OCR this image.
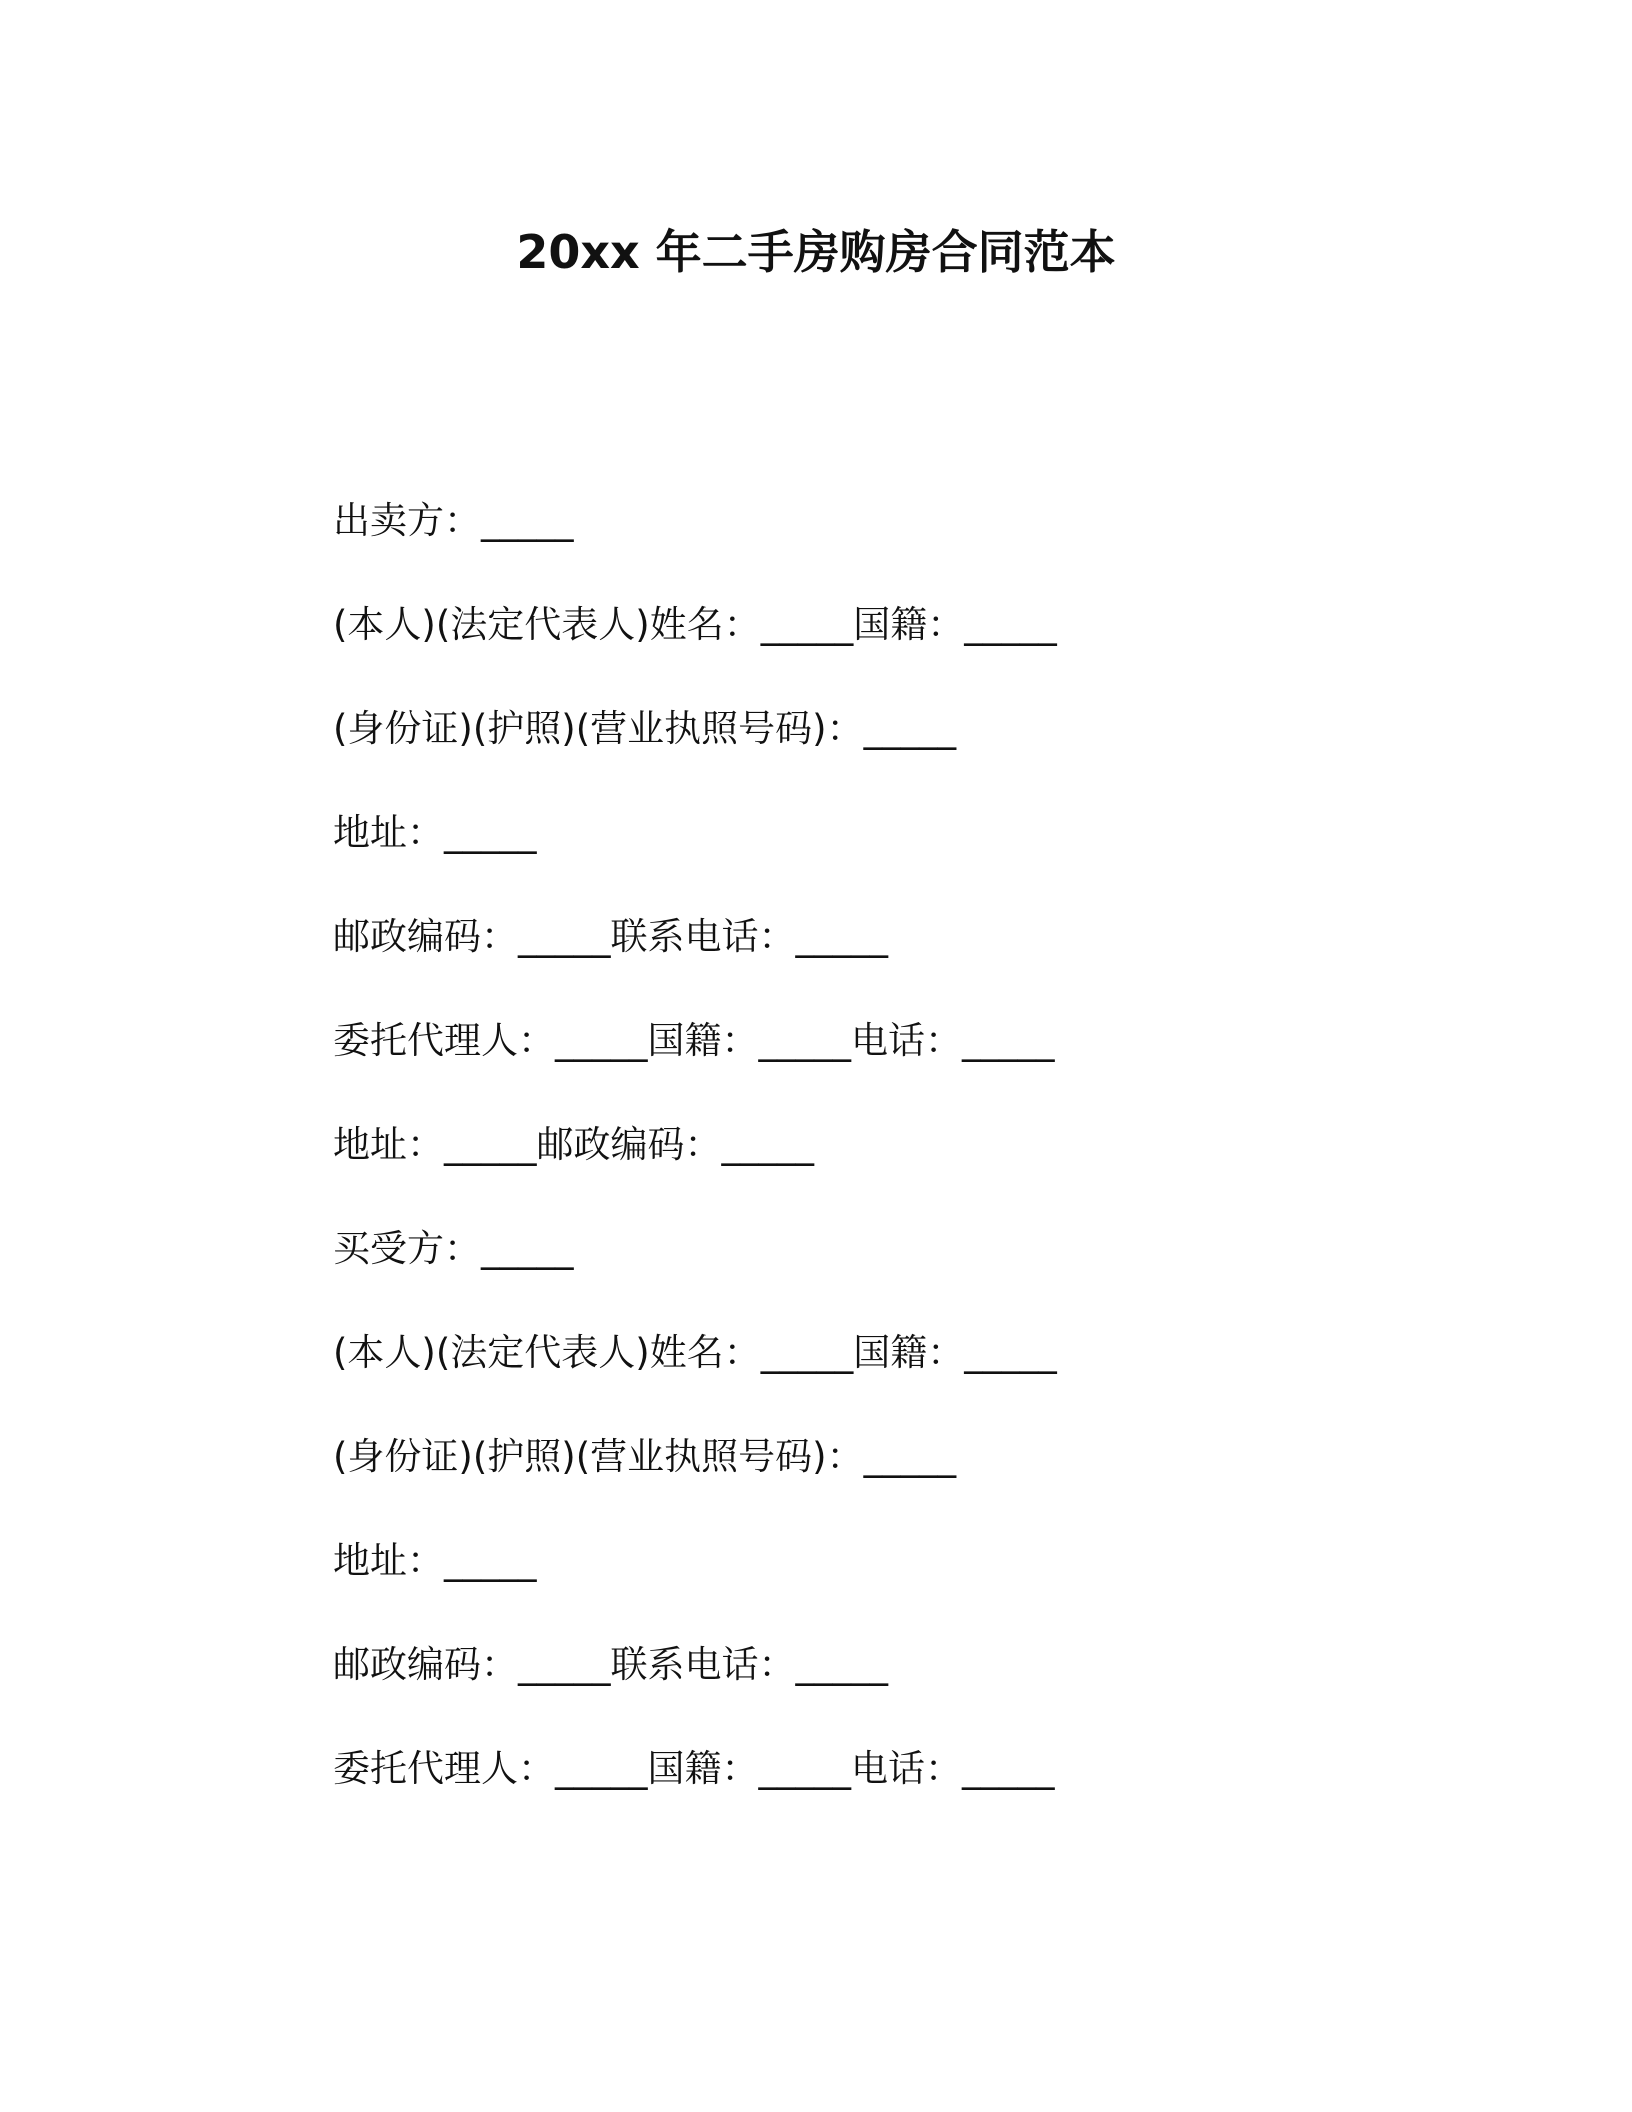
20xx 年二手房购房合同范本
出卖方：_____
(本人)(法定代表人)姓名：_____国籍：_____
(身份证)(护照)(营业执照号码)：_____
地址：_____
邮政编码：_____联系电话：_____
委托代理人：_____国籍：_____电话：_____
地址：_____邮政编码：_____
买受方：_____
(本人)(法定代表人)姓名：_____国籍：_____
(身份证)(护照)(营业执照号码)：_____
地址：_____
邮政编码：_____联系电话：_____
委托代理人：_____国籍：_____电话：_____
